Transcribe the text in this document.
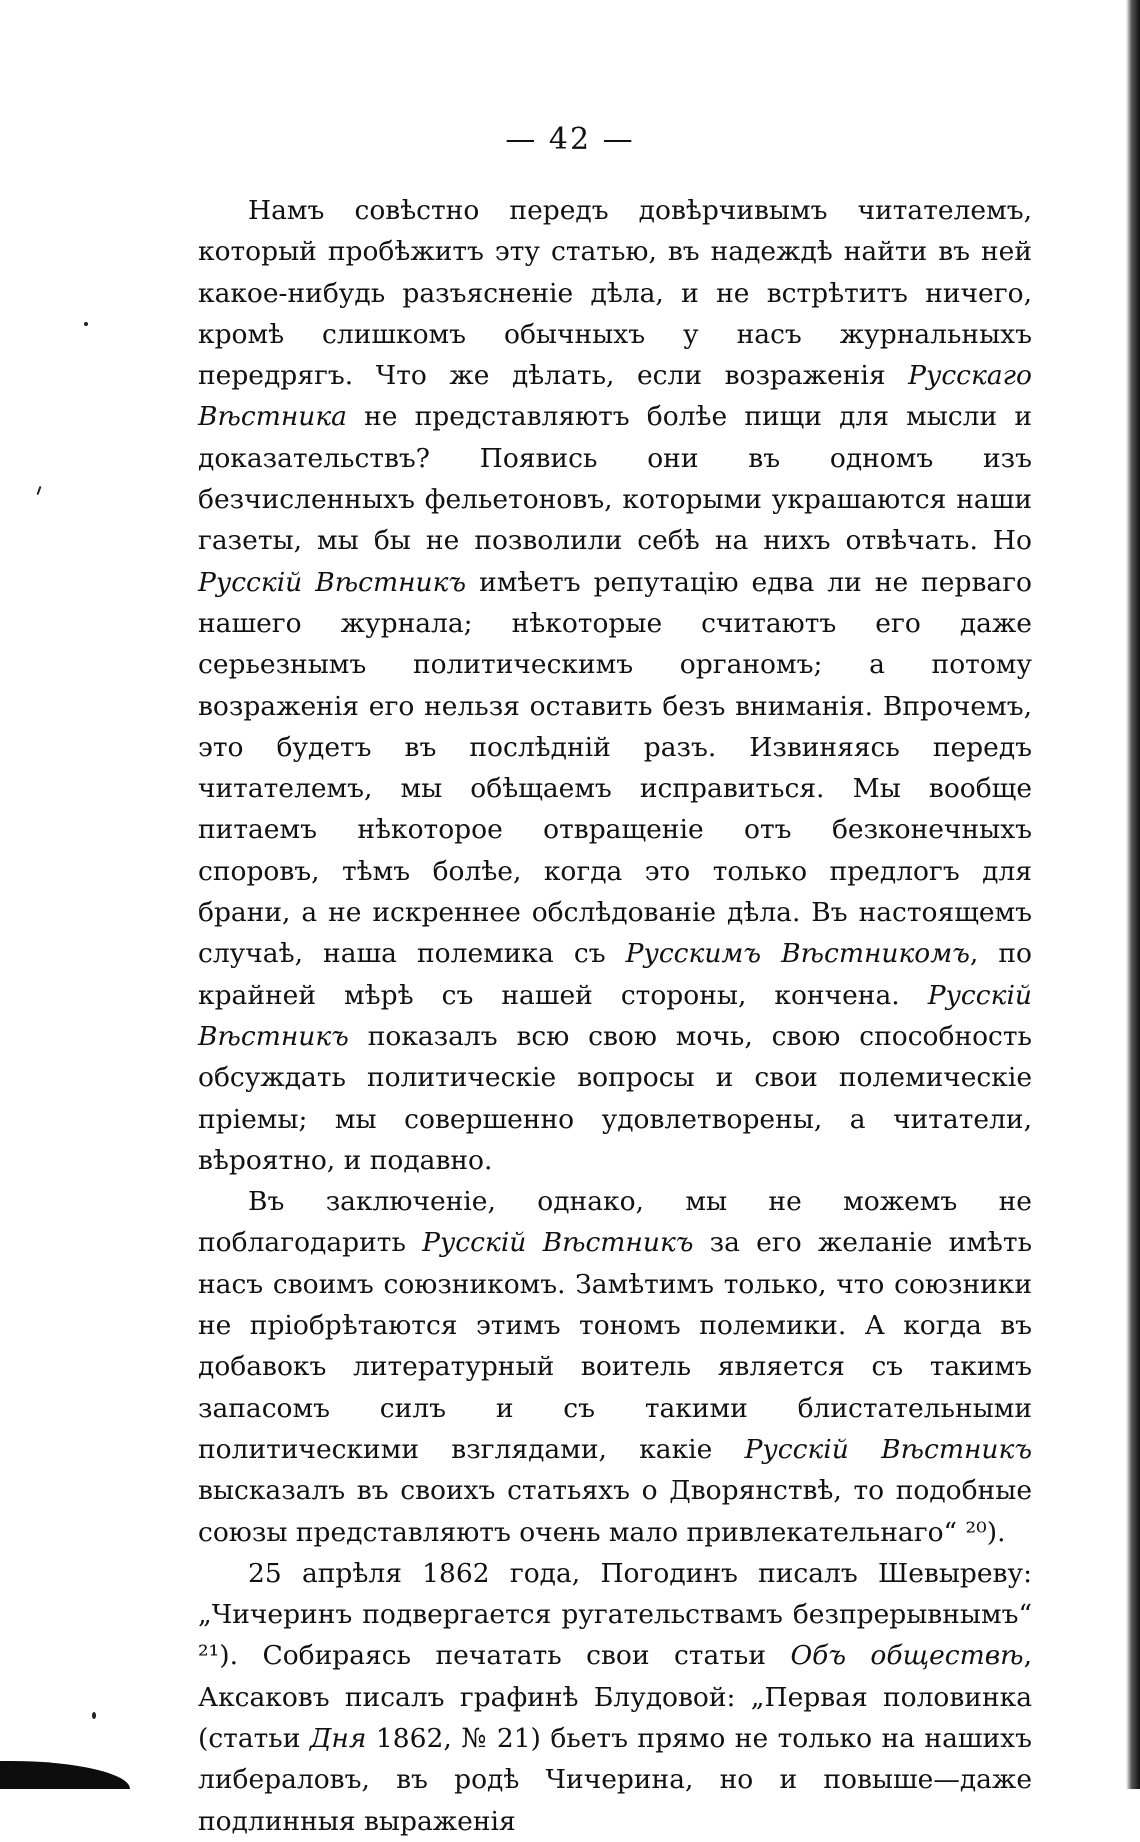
— 42 —

Намъ совѣстно передъ довѣрчивымъ читателемъ, который пробѣжитъ эту статью, въ надеждѣ найти въ ней какое-нибудь разъясненіе дѣла, и не встрѣтитъ ничего, кромѣ слишкомъ обычныхъ у насъ журнальныхъ передрягъ. Что же дѣлать, если возраженія Русскаго Вѣстника не представляютъ болѣе пищи для мысли и доказательствъ? Появись они въ одномъ изъ безчисленныхъ фельетоновъ, которыми украшаются наши газеты, мы бы не позволили себѣ на нихъ отвѣчать. Но Русскій Вѣстникъ имѣетъ репутацію едва ли не перваго нашего журнала; нѣкоторые считаютъ его даже серьезнымъ политическимъ органомъ; а потому возраженія его нельзя оставить безъ вниманія. Впрочемъ, это будетъ въ послѣдній разъ. Извиняясь передъ читателемъ, мы обѣщаемъ исправиться. Мы вообще питаемъ нѣкоторое отвращеніе отъ безконечныхъ споровъ, тѣмъ болѣе, когда это только предлогъ для брани, а не искреннее обслѣдованіе дѣла. Въ настоящемъ случаѣ, наша полемика съ Русскимъ Вѣстникомъ, по крайней мѣрѣ съ нашей стороны, кончена. Русскій Вѣстникъ показалъ всю свою мочь, свою способность обсуждать политическіе вопросы и свои полемическіе пріемы; мы совершенно удовлетворены, а читатели, вѣроятно, и подавно.

Въ заключеніе, однако, мы не можемъ не поблагодарить Русскій Вѣстникъ за его желаніе имѣть насъ своимъ союзникомъ. Замѣтимъ только, что союзники не пріобрѣтаются этимъ тономъ полемики. А когда въ добавокъ литературный воитель является съ такимъ запасомъ силъ и съ такими блистательными политическими взглядами, какіе Русскій Вѣстникъ высказалъ въ своихъ статьяхъ о Дворянствѣ, то подобные союзы представляютъ очень мало привлекательнаго“ ²⁰).

25 апрѣля 1862 года, Погодинъ писалъ Шевыреву: „Чичеринъ подвергается ругательствамъ безпрерывнымъ“ ²¹). Собираясь печатать свои статьи Объ обществѣ, Аксаковъ писалъ графинѣ Блудовой: „Первая половинка (статьи Дня 1862, № 21) бьетъ прямо не только на нашихъ либераловъ, въ родѣ Чичерина, но и повыше—даже подлинныя выраженія
